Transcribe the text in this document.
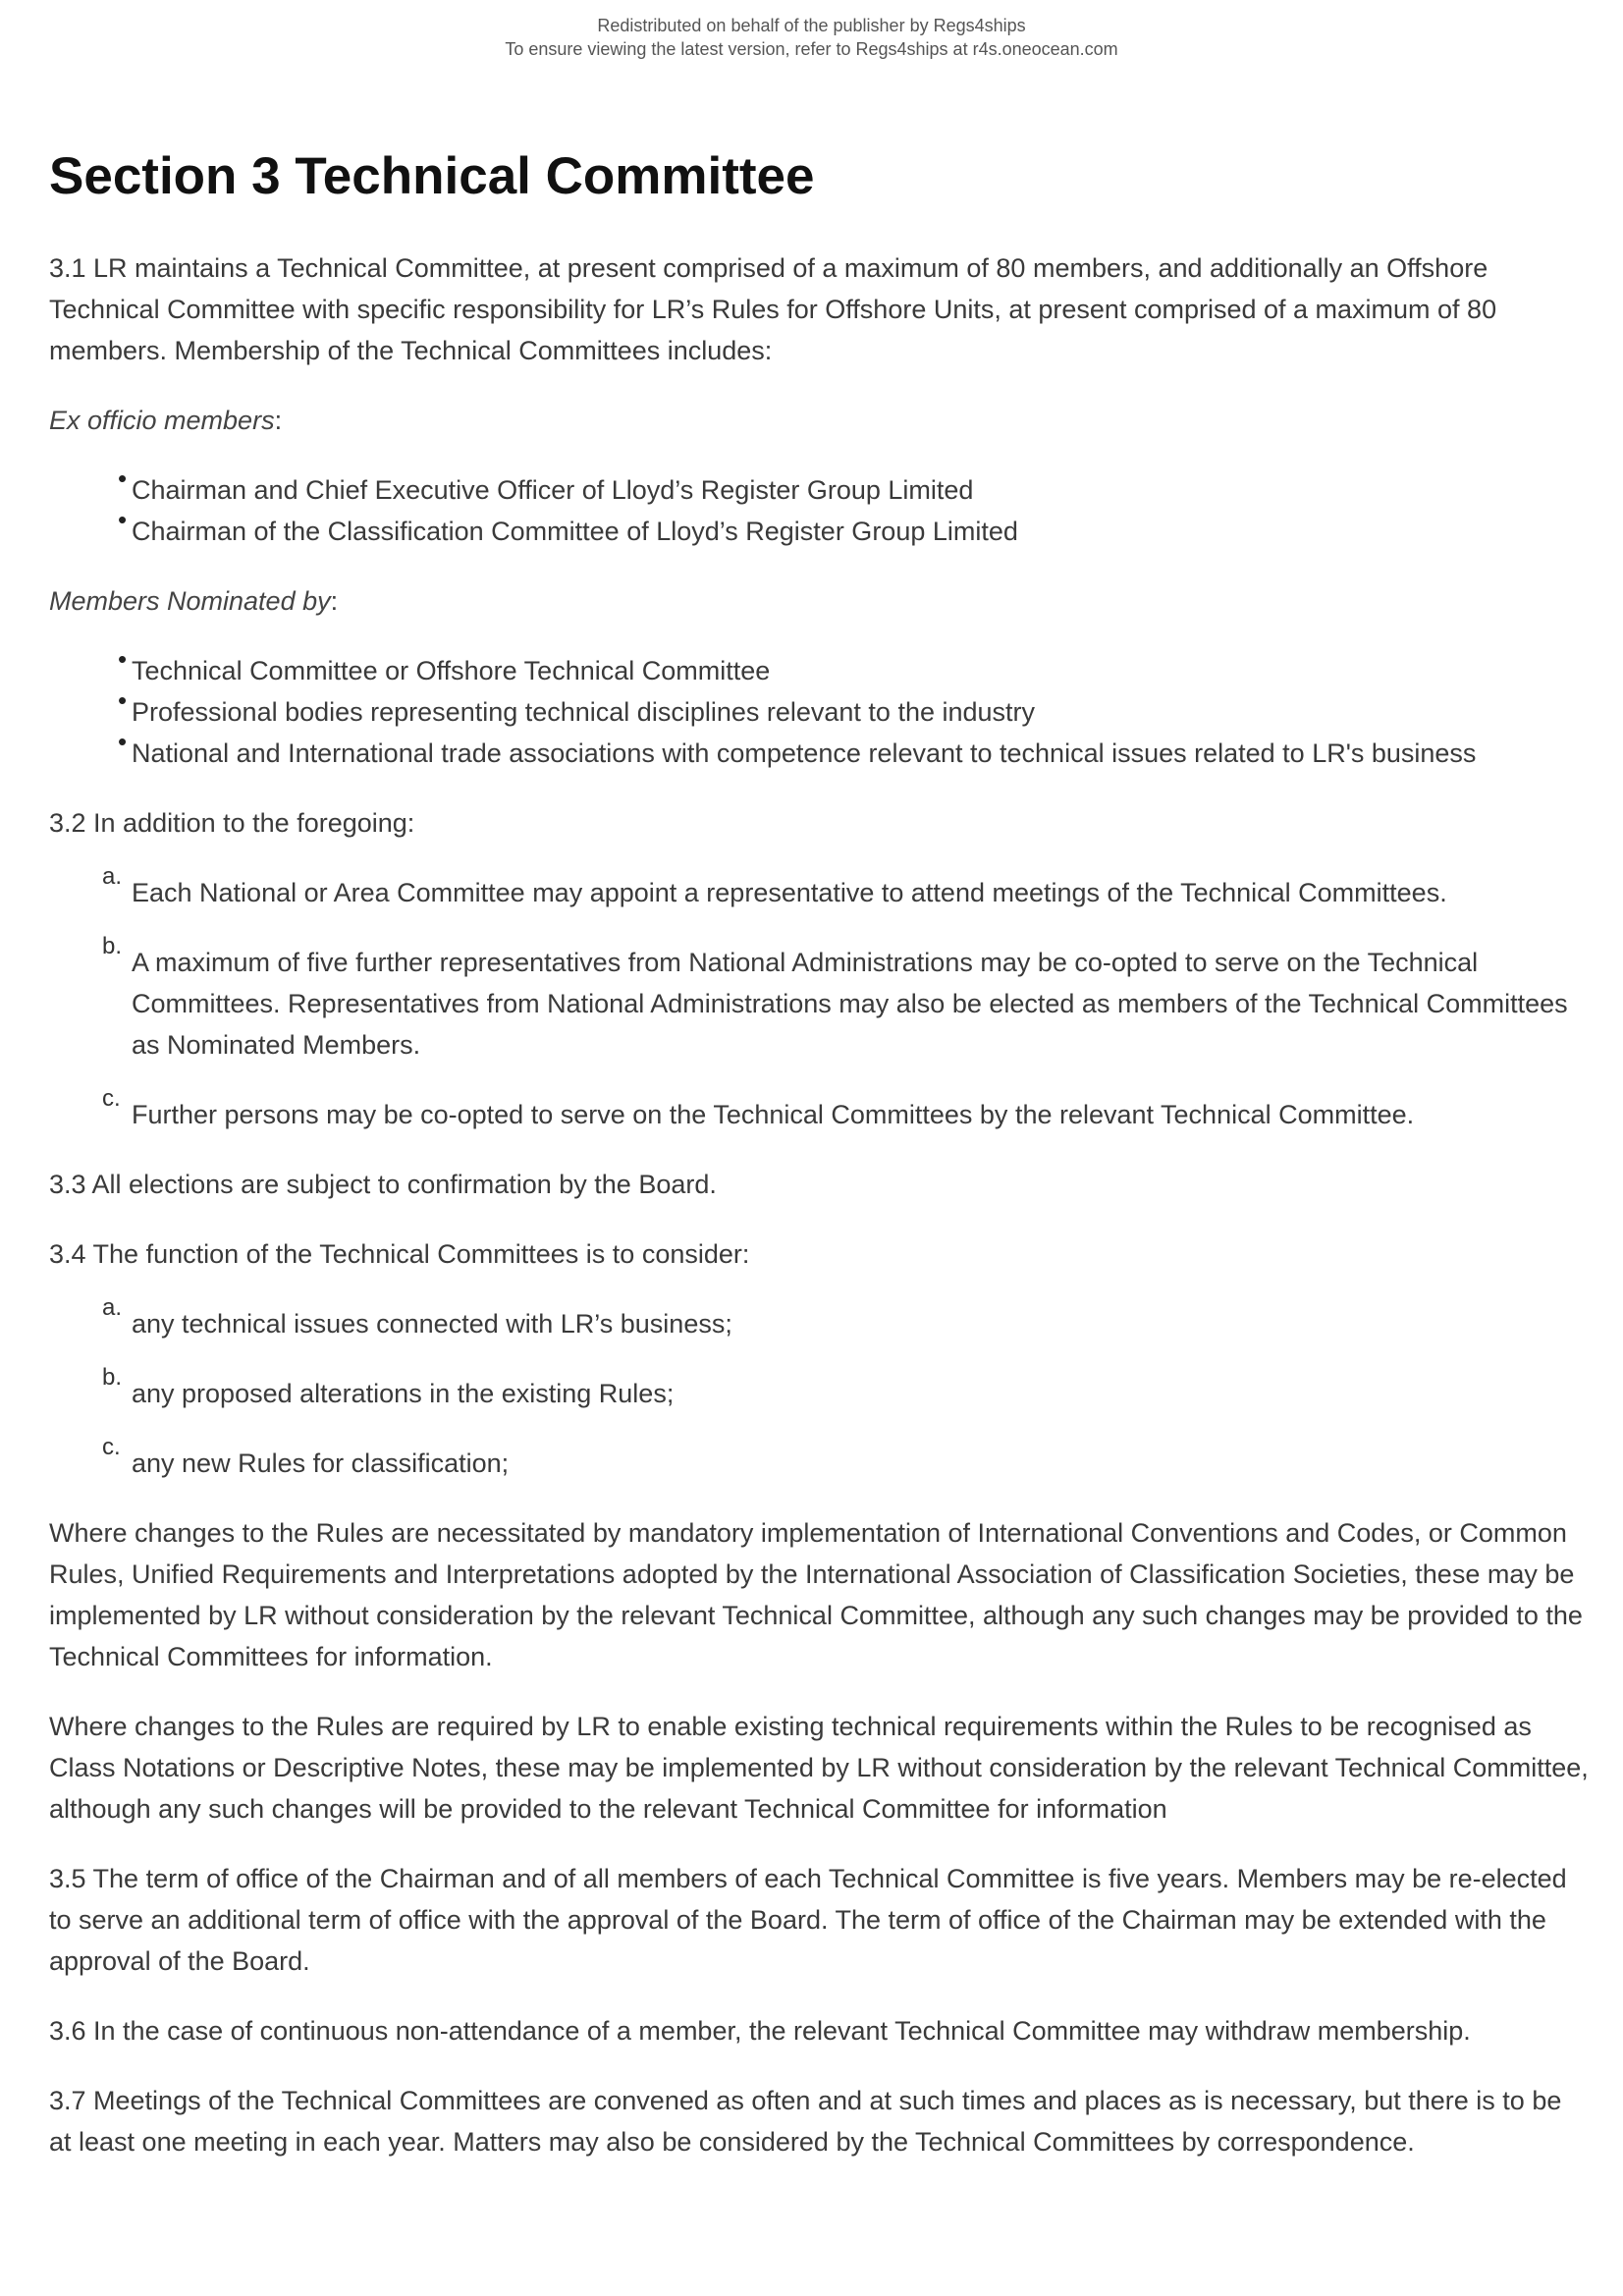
Redistributed on behalf of the publisher by Regs4ships
To ensure viewing the latest version, refer to Regs4ships at r4s.oneocean.com
Section 3 Technical Committee

3.1 LR maintains a Technical Committee, at present comprised of a maximum of 80 members, and additionally an Offshore Technical Committee with specific responsibility for LR’s Rules for Offshore Units, at present comprised of a maximum of 80 members. Membership of the Technical Committees includes:

Ex officio members:

• Chairman and Chief Executive Officer of Lloyd’s Register Group Limited
• Chairman of the Classification Committee of Lloyd’s Register Group Limited

Members Nominated by:

• Technical Committee or Offshore Technical Committee
• Professional bodies representing technical disciplines relevant to the industry
• National and International trade associations with competence relevant to technical issues related to LR's business

3.2 In addition to the foregoing:

a.
Each National or Area Committee may appoint a representative to attend meetings of the Technical Committees.
b.
A maximum of five further representatives from National Administrations may be co-opted to serve on the Technical Committees. Representatives from National Administrations may also be elected as members of the Technical Committees as Nominated Members.
c.
Further persons may be co-opted to serve on the Technical Committees by the relevant Technical Committee.

3.3 All elections are subject to confirmation by the Board.

3.4 The function of the Technical Committees is to consider:

a.
any technical issues connected with LR’s business;
b.
any proposed alterations in the existing Rules;
c.
any new Rules for classification;

Where changes to the Rules are necessitated by mandatory implementation of International Conventions and Codes, or Common Rules, Unified Requirements and Interpretations adopted by the International Association of Classification Societies, these may be implemented by LR without consideration by the relevant Technical Committee, although any such changes may be provided to the Technical Committees for information.

Where changes to the Rules are required by LR to enable existing technical requirements within the Rules to be recognised as Class Notations or Descriptive Notes, these may be implemented by LR without consideration by the relevant Technical Committee, although any such changes will be provided to the relevant Technical Committee for information

3.5 The term of office of the Chairman and of all members of each Technical Committee is five years. Members may be re-elected to serve an additional term of office with the approval of the Board. The term of office of the Chairman may be extended with the approval of the Board.

3.6 In the case of continuous non-attendance of a member, the relevant Technical Committee may withdraw membership.

3.7 Meetings of the Technical Committees are convened as often and at such times and places as is necessary, but there is to be at least one meeting in each year. Matters may also be considered by the Technical Committees by correspondence.
